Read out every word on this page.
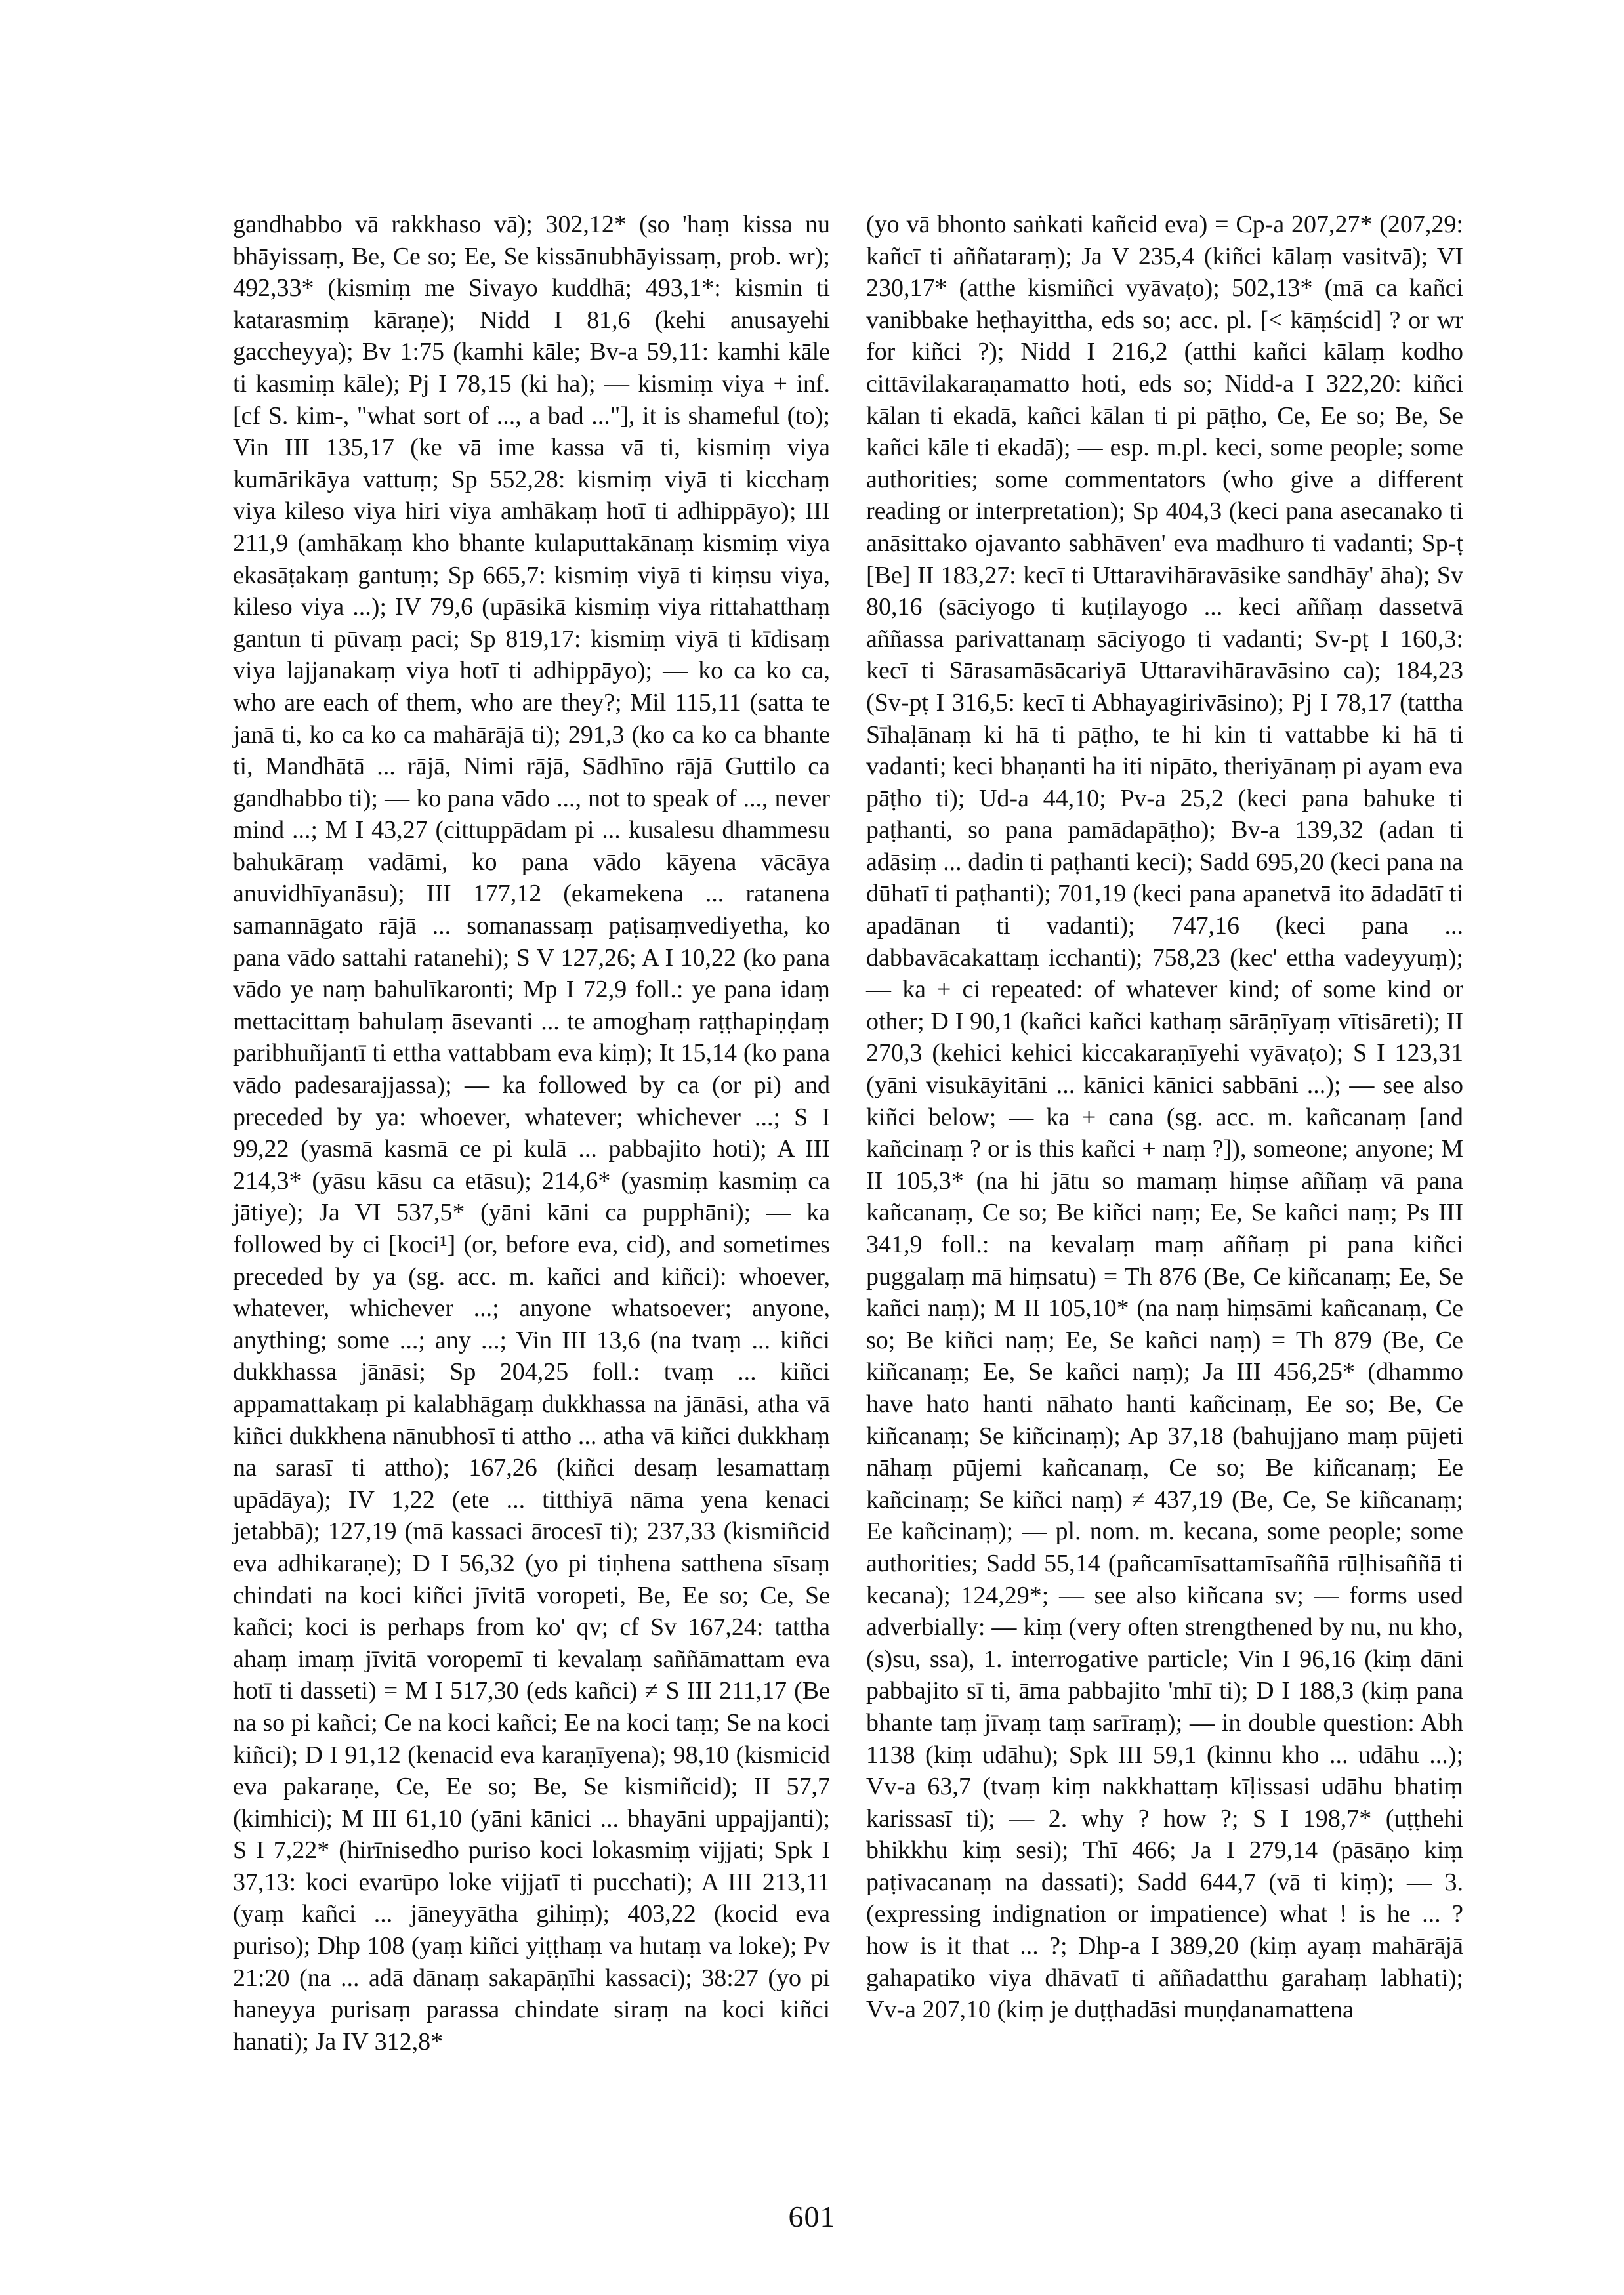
gandhabbo vā rakkhaso vā); 302,12* (so 'haṃ kissa nu bhāyissaṃ, Be, Ce so; Ee, Se kissānubhāyissaṃ, prob. wr); 492,33* (kismiṃ me Sivayo kuddhā; 493,1*: kismin ti katarasmiṃ kāraṇe); Nidd I 81,6 (kehi anusayehi gaccheyya); Bv 1:75 (kamhi kāle; Bv-a 59,11: kamhi kāle ti kasmiṃ kāle); Pj I 78,15 (ki ha); — kismiṃ viya + inf. [cf S. kim-, "what sort of ..., a bad ..."], it is shameful (to); Vin III 135,17 (ke vā ime kassa vā ti, kismiṃ viya kumārikāya vattuṃ; Sp 552,28: kismiṃ viyā ti kicchaṃ viya kileso viya hiri viya amhākaṃ hotī ti adhippāyo); III 211,9 (amhākaṃ kho bhante kulaputtakānaṃ kismiṃ viya ekasāṭakaṃ gantuṃ; Sp 665,7: kismiṃ viyā ti kiṃsu viya, kileso viya ...); IV 79,6 (upāsikā kismiṃ viya rittahatthaṃ gantun ti pūvaṃ paci; Sp 819,17: kismiṃ viyā ti kīdisaṃ viya lajjanakaṃ viya hotī ti adhippāyo); — ko ca ko ca, who are each of them, who are they?; Mil 115,11 (satta te janā ti, ko ca ko ca mahārājā ti); 291,3 (ko ca ko ca bhante ti, Mandhātā ... rājā, Nimi rājā, Sādhīno rājā Guttilo ca gandhabbo ti); — ko pana vādo ..., not to speak of ..., never mind ...; M I 43,27 (cittuppādam pi ... kusalesu dhammesu bahukāraṃ vadāmi, ko pana vādo kāyena vācāya anuvidhīyanāsu); III 177,12 (ekamekena ... ratanena samannāgato rājā ... somanassaṃ paṭisaṃvediyetha, ko pana vādo sattahi ratanehi); S V 127,26; A I 10,22 (ko pana vādo ye naṃ bahulīkaronti; Mp I 72,9 foll.: ye pana idaṃ mettacittaṃ bahulaṃ āsevanti ... te amoghaṃ raṭṭhapiṇḍaṃ paribhuñjantī ti ettha vattabbam eva kiṃ); It 15,14 (ko pana vādo padesarajjassa); — ka followed by ca (or pi) and preceded by ya: whoever, whatever; whichever ...; S I 99,22 (yasmā kasmā ce pi kulā ... pabbajito hoti); A III 214,3* (yāsu kāsu ca etāsu); 214,6* (yasmiṃ kasmiṃ ca jātiye); Ja VI 537,5* (yāni kāni ca pupphāni); — ka followed by ci [koci¹] (or, before eva, cid), and sometimes preceded by ya (sg. acc. m. kañci and kiñci): whoever, whatever, whichever ...; anyone whatsoever; anyone, anything; some ...; any ...; Vin III 13,6 (na tvaṃ ... kiñci dukkhassa jānāsi; Sp 204,25 foll.: tvaṃ ... kiñci appamattakaṃ pi kalabhāgaṃ dukkhassa na jānāsi, atha vā kiñci dukkhena nānubhosī ti attho ... atha vā kiñci dukkhaṃ na sarasī ti attho); 167,26 (kiñci desaṃ lesamattaṃ upādāya); IV 1,22 (ete ... titthiyā nāma yena kenaci jetabbā); 127,19 (mā kassaci ārocesī ti); 237,33 (kismiñcid eva adhikaraṇe); D I 56,32 (yo pi tiṇhena satthena sīsaṃ chindati na koci kiñci jīvitā voropeti, Be, Ee so; Ce, Se kañci; koci is perhaps from ko' qv; cf Sv 167,24: tattha ahaṃ imaṃ jīvitā voropemī ti kevalaṃ saññāmattam eva hotī ti dasseti) = M I 517,30 (eds kañci) ≠ S III 211,17 (Be na so pi kañci; Ce na koci kañci; Ee na koci taṃ; Se na koci kiñci); D I 91,12 (kenacid eva karaṇīyena); 98,10 (kismicid eva pakaraṇe, Ce, Ee so; Be, Se kismiñcid); II 57,7 (kimhici); M III 61,10 (yāni kānici ... bhayāni uppajjanti); S I 7,22* (hirīnisedho puriso koci lokasmiṃ vijjati; Spk I 37,13: koci evarūpo loke vijjatī ti pucchati); A III 213,11 (yaṃ kañci ... jāneyyātha gihiṃ); 403,22 (kocid eva puriso); Dhp 108 (yaṃ kiñci yiṭṭhaṃ va hutaṃ va loke); Pv 21:20 (na ... adā dānaṃ sakapāṇīhi kassaci); 38:27 (yo pi haneyya purisaṃ parassa chindate siraṃ na koci kiñci hanati); Ja IV 312,8*

(yo vā bhonto saṅkati kañcid eva) = Cp-a 207,27* (207,29: kañcī ti aññataraṃ); Ja V 235,4 (kiñci kālaṃ vasitvā); VI 230,17* (atthe kismiñci vyāvaṭo); 502,13* (mā ca kañci vanibbake heṭhayittha, eds so; acc. pl. [< kāṃścid] ? or wr for kiñci ?); Nidd I 216,2 (atthi kañci kālaṃ kodho cittāvilakaraṇamatto hoti, eds so; Nidd-a I 322,20: kiñci kālan ti ekadā, kañci kālan ti pi pāṭho, Ce, Ee so; Be, Se kañci kāle ti ekadā); — esp. m.pl. keci, some people; some authorities; some commentators (who give a different reading or interpretation); Sp 404,3 (keci pana asecanako ti anāsittako ojavanto sabhāven' eva madhuro ti vadanti; Sp-ṭ [Be] II 183,27: kecī ti Uttaravihāravāsike sandhāy' āha); Sv 80,16 (sāciyogo ti kuṭilayogo ... keci aññaṃ dassetvā aññassa parivattanaṃ sāciyogo ti vadanti; Sv-pṭ I 160,3: kecī ti Sārasamāsācariyā Uttaravihāravāsino ca); 184,23 (Sv-pṭ I 316,5: kecī ti Abhayagirivāsino); Pj I 78,17 (tattha Sīhaḷānaṃ ki hā ti pāṭho, te hi kin ti vattabbe ki hā ti vadanti; keci bhaṇanti ha iti nipāto, theriyānaṃ pi ayam eva pāṭho ti); Ud-a 44,10; Pv-a 25,2 (keci pana bahuke ti paṭhanti, so pana pamādapāṭho); Bv-a 139,32 (adan ti adāsiṃ ... dadin ti paṭhanti keci); Sadd 695,20 (keci pana na dūhatī ti paṭhanti); 701,19 (keci pana apanetvā ito ādadātī ti apadānan ti vadanti); 747,16 (keci pana ... dabbavācakattaṃ icchanti); 758,23 (kec' ettha vadeyyuṃ); — ka + ci repeated: of whatever kind; of some kind or other; D I 90,1 (kañci kañci kathaṃ sārāṇīyaṃ vītisāreti); II 270,3 (kehici kehici kiccakaraṇīyehi vyāvaṭo); S I 123,31 (yāni visukāyitāni ... kānici kānici sabbāni ...); — see also kiñci below; — ka + cana (sg. acc. m. kañcanaṃ [and kañcinaṃ ? or is this kañci + naṃ ?]), someone; anyone; M II 105,3* (na hi jātu so mamaṃ hiṃse aññaṃ vā pana kañcanaṃ, Ce so; Be kiñci naṃ; Ee, Se kañci naṃ; Ps III 341,9 foll.: na kevalaṃ maṃ aññaṃ pi pana kiñci puggalaṃ mā hiṃsatu) = Th 876 (Be, Ce kiñcanaṃ; Ee, Se kañci naṃ); M II 105,10* (na naṃ hiṃsāmi kañcanaṃ, Ce so; Be kiñci naṃ; Ee, Se kañci naṃ) = Th 879 (Be, Ce kiñcanaṃ; Ee, Se kañci naṃ); Ja III 456,25* (dhammo have hato hanti nāhato hanti kañcinaṃ, Ee so; Be, Ce kiñcanaṃ; Se kiñcinaṃ); Ap 37,18 (bahujjano maṃ pūjeti nāhaṃ pūjemi kañcanaṃ, Ce so; Be kiñcanaṃ; Ee kañcinaṃ; Se kiñci naṃ) ≠ 437,19 (Be, Ce, Se kiñcanaṃ; Ee kañcinaṃ); — pl. nom. m. kecana, some people; some authorities; Sadd 55,14 (pañcamīsattamīsaññā rūḷhisaññā ti kecana); 124,29*; — see also kiñcana sv; — forms used adverbially: — kiṃ (very often strengthened by nu, nu kho, (s)su, ssa), 1. interrogative particle; Vin I 96,16 (kiṃ dāni pabbajito sī ti, āma pabbajito 'mhī ti); D I 188,3 (kiṃ pana bhante taṃ jīvaṃ taṃ sarīraṃ); — in double question: Abh 1138 (kiṃ udāhu); Spk III 59,1 (kinnu kho ... udāhu ...); Vv-a 63,7 (tvaṃ kiṃ nakkhattaṃ kīḷissasi udāhu bhatiṃ karissasī ti); — 2. why ? how ?; S I 198,7* (uṭṭhehi bhikkhu kiṃ sesi); Thī 466; Ja I 279,14 (pāsāṇo kiṃ paṭivacanaṃ na dassati); Sadd 644,7 (vā ti kiṃ); — 3. (expressing indignation or impatience) what ! is he ... ? how is it that ... ?; Dhp-a I 389,20 (kiṃ ayaṃ mahārājā gahapatiko viya dhāvatī ti aññadatthu garahaṃ labhati); Vv-a 207,10 (kiṃ je duṭṭhadāsi muṇḍanamattena

601
